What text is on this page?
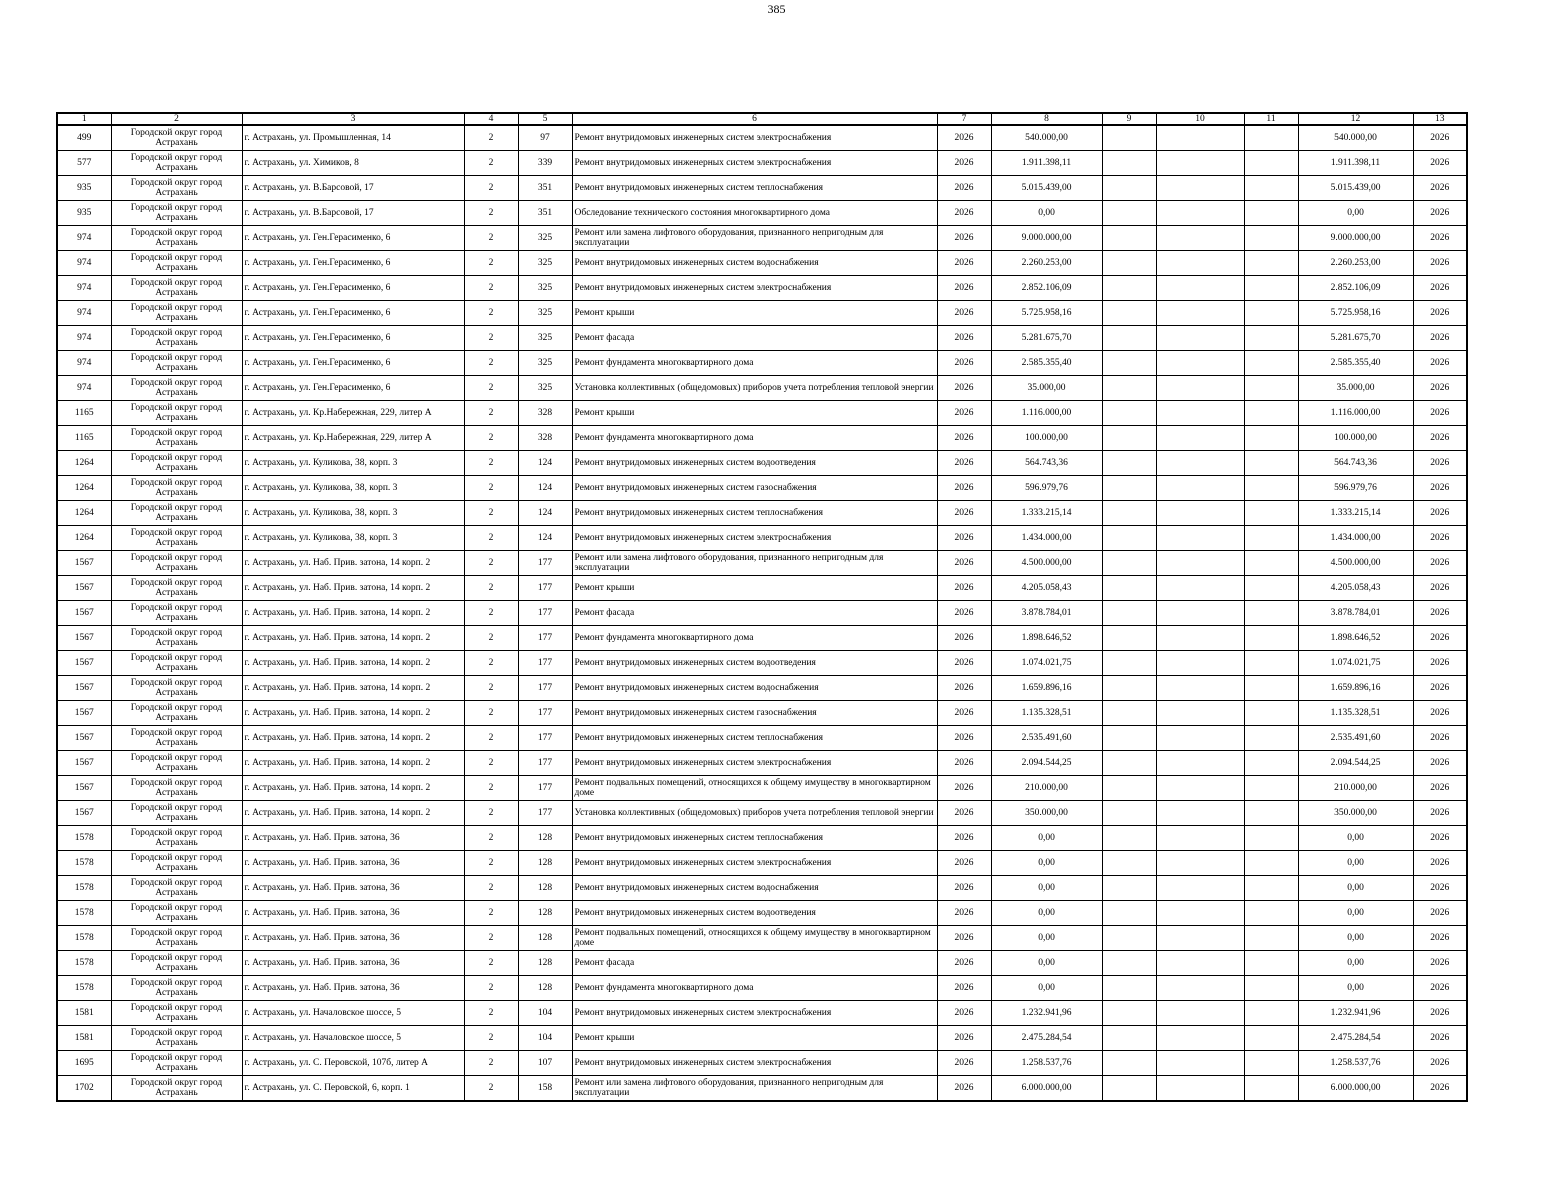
385
1	2	3	4	5	6	7	8	9	10	11	12	13
499	Городской округ город Астрахань	г. Астрахань, ул. Промышленная, 14	2	97	Ремонт внутридомовых инженерных систем электроснабжения	2026	540.000,00				540.000,00	2026
577	Городской округ город Астрахань	г. Астрахань, ул. Химиков, 8	2	339	Ремонт внутридомовых инженерных систем электроснабжения	2026	1.911.398,11				1.911.398,11	2026
935	Городской округ город Астрахань	г. Астрахань, ул. В.Барсовой, 17	2	351	Ремонт внутридомовых инженерных систем теплоснабжения	2026	5.015.439,00				5.015.439,00	2026
935	Городской округ город Астрахань	г. Астрахань, ул. В.Барсовой, 17	2	351	Обследование технического состояния многоквартирного дома	2026	0,00				0,00	2026
974	Городской округ город Астрахань	г. Астрахань, ул. Ген.Герасименко, 6	2	325	Ремонт или замена лифтового оборудования, признанного непригодным для эксплуатации	2026	9.000.000,00				9.000.000,00	2026
974	Городской округ город Астрахань	г. Астрахань, ул. Ген.Герасименко, 6	2	325	Ремонт внутридомовых инженерных систем водоснабжения	2026	2.260.253,00				2.260.253,00	2026
974	Городской округ город Астрахань	г. Астрахань, ул. Ген.Герасименко, 6	2	325	Ремонт внутридомовых инженерных систем электроснабжения	2026	2.852.106,09				2.852.106,09	2026
974	Городской округ город Астрахань	г. Астрахань, ул. Ген.Герасименко, 6	2	325	Ремонт крыши	2026	5.725.958,16				5.725.958,16	2026
974	Городской округ город Астрахань	г. Астрахань, ул. Ген.Герасименко, 6	2	325	Ремонт фасада	2026	5.281.675,70				5.281.675,70	2026
974	Городской округ город Астрахань	г. Астрахань, ул. Ген.Герасименко, 6	2	325	Ремонт фундамента многоквартирного дома	2026	2.585.355,40				2.585.355,40	2026
974	Городской округ город Астрахань	г. Астрахань, ул. Ген.Герасименко, 6	2	325	Установка коллективных (общедомовых) приборов учета потребления тепловой энергии	2026	35.000,00				35.000,00	2026
1165	Городской округ город Астрахань	г. Астрахань, ул. Кр.Набережная, 229, литер А	2	328	Ремонт крыши	2026	1.116.000,00				1.116.000,00	2026
1165	Городской округ город Астрахань	г. Астрахань, ул. Кр.Набережная, 229, литер А	2	328	Ремонт фундамента многоквартирного дома	2026	100.000,00				100.000,00	2026
1264	Городской округ город Астрахань	г. Астрахань, ул. Куликова, 38, корп. 3	2	124	Ремонт внутридомовых инженерных систем водоотведения	2026	564.743,36				564.743,36	2026
1264	Городской округ город Астрахань	г. Астрахань, ул. Куликова, 38, корп. 3	2	124	Ремонт внутридомовых инженерных систем газоснабжения	2026	596.979,76				596.979,76	2026
1264	Городской округ город Астрахань	г. Астрахань, ул. Куликова, 38, корп. 3	2	124	Ремонт внутридомовых инженерных систем теплоснабжения	2026	1.333.215,14				1.333.215,14	2026
1264	Городской округ город Астрахань	г. Астрахань, ул. Куликова, 38, корп. 3	2	124	Ремонт внутридомовых инженерных систем электроснабжения	2026	1.434.000,00				1.434.000,00	2026
1567	Городской округ город Астрахань	г. Астрахань, ул. Наб. Прив. затона, 14 корп. 2	2	177	Ремонт или замена лифтового оборудования, признанного непригодным для эксплуатации	2026	4.500.000,00				4.500.000,00	2026
1567	Городской округ город Астрахань	г. Астрахань, ул. Наб. Прив. затона, 14 корп. 2	2	177	Ремонт крыши	2026	4.205.058,43				4.205.058,43	2026
1567	Городской округ город Астрахань	г. Астрахань, ул. Наб. Прив. затона, 14 корп. 2	2	177	Ремонт фасада	2026	3.878.784,01				3.878.784,01	2026
1567	Городской округ город Астрахань	г. Астрахань, ул. Наб. Прив. затона, 14 корп. 2	2	177	Ремонт фундамента многоквартирного дома	2026	1.898.646,52				1.898.646,52	2026
1567	Городской округ город Астрахань	г. Астрахань, ул. Наб. Прив. затона, 14 корп. 2	2	177	Ремонт внутридомовых инженерных систем водоотведения	2026	1.074.021,75				1.074.021,75	2026
1567	Городской округ город Астрахань	г. Астрахань, ул. Наб. Прив. затона, 14 корп. 2	2	177	Ремонт внутридомовых инженерных систем водоснабжения	2026	1.659.896,16				1.659.896,16	2026
1567	Городской округ город Астрахань	г. Астрахань, ул. Наб. Прив. затона, 14 корп. 2	2	177	Ремонт внутридомовых инженерных систем газоснабжения	2026	1.135.328,51				1.135.328,51	2026
1567	Городской округ город Астрахань	г. Астрахань, ул. Наб. Прив. затона, 14 корп. 2	2	177	Ремонт внутридомовых инженерных систем теплоснабжения	2026	2.535.491,60				2.535.491,60	2026
1567	Городской округ город Астрахань	г. Астрахань, ул. Наб. Прив. затона, 14 корп. 2	2	177	Ремонт внутридомовых инженерных систем электроснабжения	2026	2.094.544,25				2.094.544,25	2026
1567	Городской округ город Астрахань	г. Астрахань, ул. Наб. Прив. затона, 14 корп. 2	2	177	Ремонт подвальных помещений, относящихся к общему имуществу в многоквартирном доме	2026	210.000,00				210.000,00	2026
1567	Городской округ город Астрахань	г. Астрахань, ул. Наб. Прив. затона, 14 корп. 2	2	177	Установка коллективных (общедомовых) приборов учета потребления тепловой энергии	2026	350.000,00				350.000,00	2026
1578	Городской округ город Астрахань	г. Астрахань, ул. Наб. Прив. затона, 36	2	128	Ремонт внутридомовых инженерных систем теплоснабжения	2026	0,00				0,00	2026
1578	Городской округ город Астрахань	г. Астрахань, ул. Наб. Прив. затона, 36	2	128	Ремонт внутридомовых инженерных систем электроснабжения	2026	0,00				0,00	2026
1578	Городской округ город Астрахань	г. Астрахань, ул. Наб. Прив. затона, 36	2	128	Ремонт внутридомовых инженерных систем водоснабжения	2026	0,00				0,00	2026
1578	Городской округ город Астрахань	г. Астрахань, ул. Наб. Прив. затона, 36	2	128	Ремонт внутридомовых инженерных систем водоотведения	2026	0,00				0,00	2026
1578	Городской округ город Астрахань	г. Астрахань, ул. Наб. Прив. затона, 36	2	128	Ремонт подвальных помещений, относящихся к общему имуществу в многоквартирном доме	2026	0,00				0,00	2026
1578	Городской округ город Астрахань	г. Астрахань, ул. Наб. Прив. затона, 36	2	128	Ремонт фасада	2026	0,00				0,00	2026
1578	Городской округ город Астрахань	г. Астрахань, ул. Наб. Прив. затона, 36	2	128	Ремонт фундамента многоквартирного дома	2026	0,00				0,00	2026
1581	Городской округ город Астрахань	г. Астрахань, ул. Началовское шоссе, 5	2	104	Ремонт внутридомовых инженерных систем электроснабжения	2026	1.232.941,96				1.232.941,96	2026
1581	Городской округ город Астрахань	г. Астрахань, ул. Началовское шоссе, 5	2	104	Ремонт крыши	2026	2.475.284,54				2.475.284,54	2026
1695	Городской округ город Астрахань	г. Астрахань, ул. С. Перовской, 107б, литер А	2	107	Ремонт внутридомовых инженерных систем электроснабжения	2026	1.258.537,76				1.258.537,76	2026
1702	Городской округ город Астрахань	г. Астрахань, ул. С. Перовской, 6, корп. 1	2	158	Ремонт или замена лифтового оборудования, признанного непригодным для эксплуатации	2026	6.000.000,00				6.000.000,00	2026
